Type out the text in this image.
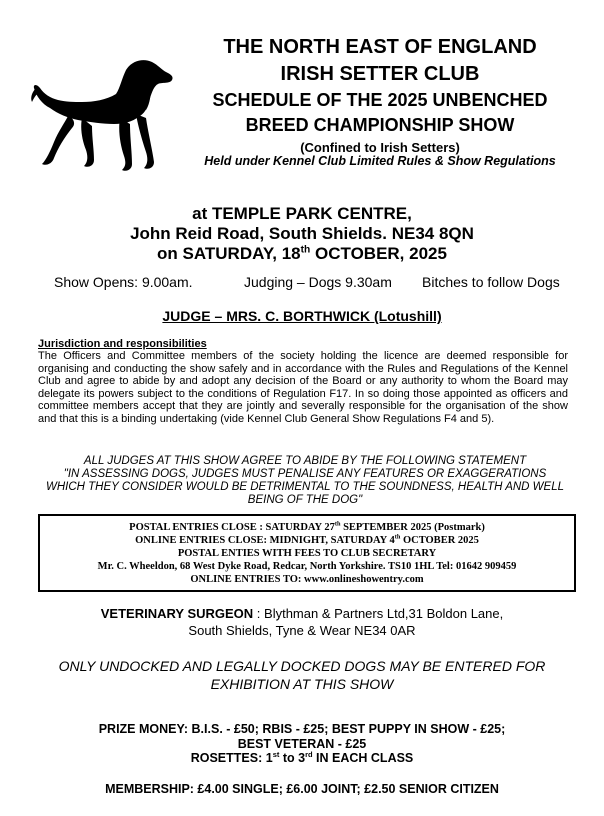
THE NORTH EAST OF ENGLAND
IRISH SETTER CLUB
SCHEDULE OF THE 2025 UNBENCHED
BREED CHAMPIONSHIP SHOW
(Confined to Irish Setters)
Held under Kennel Club Limited Rules & Show Regulations
at TEMPLE PARK CENTRE,
John Reid Road, South Shields. NE34 8QN
on SATURDAY, 18th OCTOBER, 2025
Show Opens: 9.00am.	Judging – Dogs 9.30am	Bitches to follow Dogs
JUDGE – MRS. C. BORTHWICK (Lotushill)
Jurisdiction and responsibilities
The Officers and Committee members of the society holding the licence are deemed responsible for organising and conducting the show safely and in accordance with the Rules and Regulations of the Kennel Club and agree to abide by and adopt any decision of the Board or any authority to whom the Board may delegate its powers subject to the conditions of Regulation F17. In so doing those appointed as officers and committee members accept that they are jointly and severally responsible for the organisation of the show and that this is a binding undertaking (vide Kennel Club General Show Regulations F4 and 5).
ALL JUDGES AT THIS SHOW AGREE TO ABIDE BY THE FOLLOWING STATEMENT
"IN ASSESSING DOGS, JUDGES MUST PENALISE ANY FEATURES OR EXAGGERATIONS
WHICH THEY CONSIDER WOULD BE DETRIMENTAL TO THE SOUNDNESS, HEALTH AND WELL
BEING OF THE DOG"
POSTAL ENTRIES CLOSE : SATURDAY 27th SEPTEMBER 2025 (Postmark)
ONLINE ENTRIES CLOSE: MIDNIGHT, SATURDAY 4th OCTOBER 2025
POSTAL ENTIES WITH FEES TO CLUB SECRETARY
Mr. C. Wheeldon, 68 West Dyke Road, Redcar, North Yorkshire. TS10 1HL Tel: 01642 909459
ONLINE ENTRIES TO: www.onlineshowentry.com
VETERINARY SURGEON : Blythman & Partners Ltd,31 Boldon Lane,
South Shields, Tyne & Wear NE34 0AR
ONLY UNDOCKED AND LEGALLY DOCKED DOGS MAY BE ENTERED FOR
EXHIBITION AT THIS SHOW
PRIZE MONEY: B.I.S. - £50; RBIS - £25; BEST PUPPY IN SHOW - £25;
BEST VETERAN - £25
ROSETTES: 1st to 3rd IN EACH CLASS
MEMBERSHIP: £4.00 SINGLE; £6.00 JOINT; £2.50 SENIOR CITIZEN
